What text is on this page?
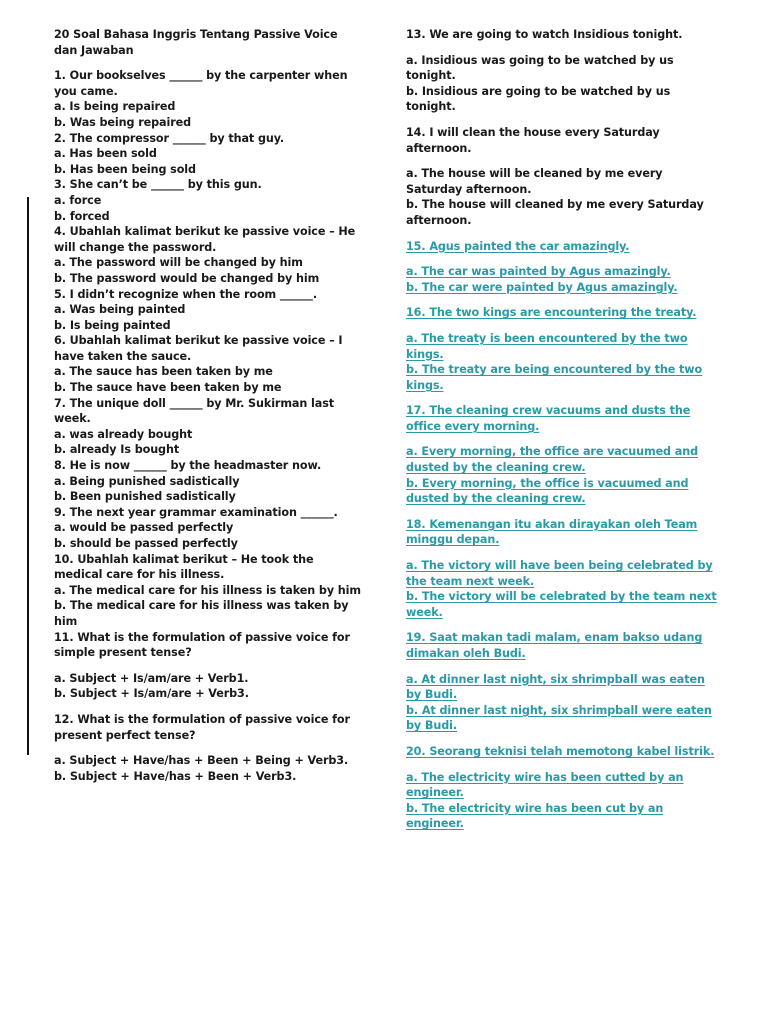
20 Soal Bahasa Inggris Tentang Passive Voice dan Jawaban

1. Our bookselves ______ by the carpenter when you came.

a. Is being repaired

b. Was being repaired

2. The compressor ______ by that guy.

a. Has been sold

b. Has been being sold

3. She can’t be ______ by this gun.

a. force

b. forced

4. Ubahlah kalimat berikut ke passive voice – He will change the password.

a. The password will be changed by him

b. The password would be changed by him

5. I didn’t recognize when the room ______.

a. Was being painted

b. Is being painted

6. Ubahlah kalimat berikut ke passive voice – I have taken the sauce.

a. The sauce has been taken by me

b. The sauce have been taken by me

7. The unique doll ______ by Mr. Sukirman last week.

a. was already bought

b. already Is bought

8. He is now ______ by the headmaster now.

a. Being punished sadistically

b. Been punished sadistically

9. The next year grammar examination ______.

a. would be passed perfectly

b. should be passed perfectly

10. Ubahlah kalimat berikut – He took the medical care for his illness.

a. The medical care for his illness is taken by him

b. The medical care for his illness was taken by him

11. What is the formulation of passive voice for simple present tense?

a. Subject + Is/am/are + Verb1.

b. Subject + Is/am/are + Verb3.

12. What is the formulation of passive voice for present perfect tense?

a. Subject + Have/has + Been + Being + Verb3.

b. Subject + Have/has + Been + Verb3.

13. We are going to watch Insidious tonight.

a. Insidious was going to be watched by us tonight.

b. Insidious are going to be watched by us tonight.

14. I will clean the house every Saturday afternoon.

a. The house will be cleaned by me every Saturday afternoon.

b. The house will cleaned by me every Saturday afternoon.

15. Agus painted the car amazingly.

a. The car was painted by Agus amazingly.

b. The car were painted by Agus amazingly.

16. The two kings are encountering the treaty.

a. The treaty is been encountered by the two kings.

b. The treaty are being encountered by the two kings.

17. The cleaning crew vacuums and dusts the office every morning.

a. Every morning, the office are vacuumed and dusted by the cleaning crew.

b. Every morning, the office is vacuumed and dusted by the cleaning crew.

18. Kemenangan itu akan dirayakan oleh Team minggu depan.

a. The victory will have been being celebrated by the team next week.

b. The victory will be celebrated by the team next week.

19. Saat makan tadi malam, enam bakso udang dimakan oleh Budi.

a. At dinner last night, six shrimpball was eaten by Budi.

b. At dinner last night, six shrimpball were eaten by Budi.

20. Seorang teknisi telah memotong kabel listrik.

a. The electricity wire has been cutted by an engineer.

b. The electricity wire has been cut by an engineer.
